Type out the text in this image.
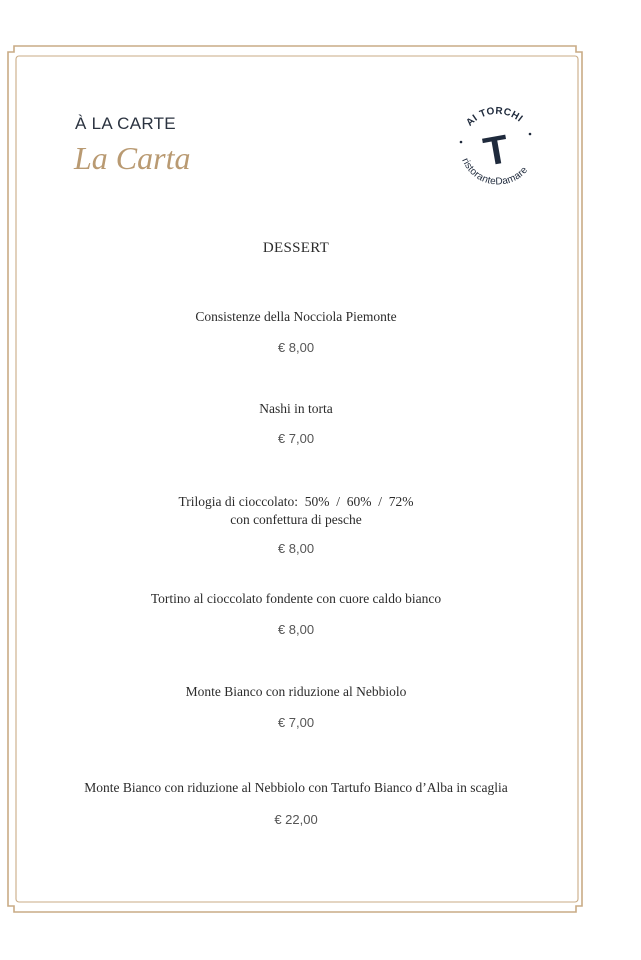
À LA CARTE

La Carta
AI TORCHI
ristoranteDamare
T
DESSERT

Consistenze della Nocciola Piemonte

€ 8,00

Nashi in torta

€ 7,00

Trilogia di cioccolato:  50%  /  60%  /  72%

con confettura di pesche

€ 8,00

Tortino al cioccolato fondente con cuore caldo bianco

€ 8,00

Monte Bianco con riduzione al Nebbiolo

€ 7,00

Monte Bianco con riduzione al Nebbiolo con Tartufo Bianco d’Alba in scaglia

€ 22,00
